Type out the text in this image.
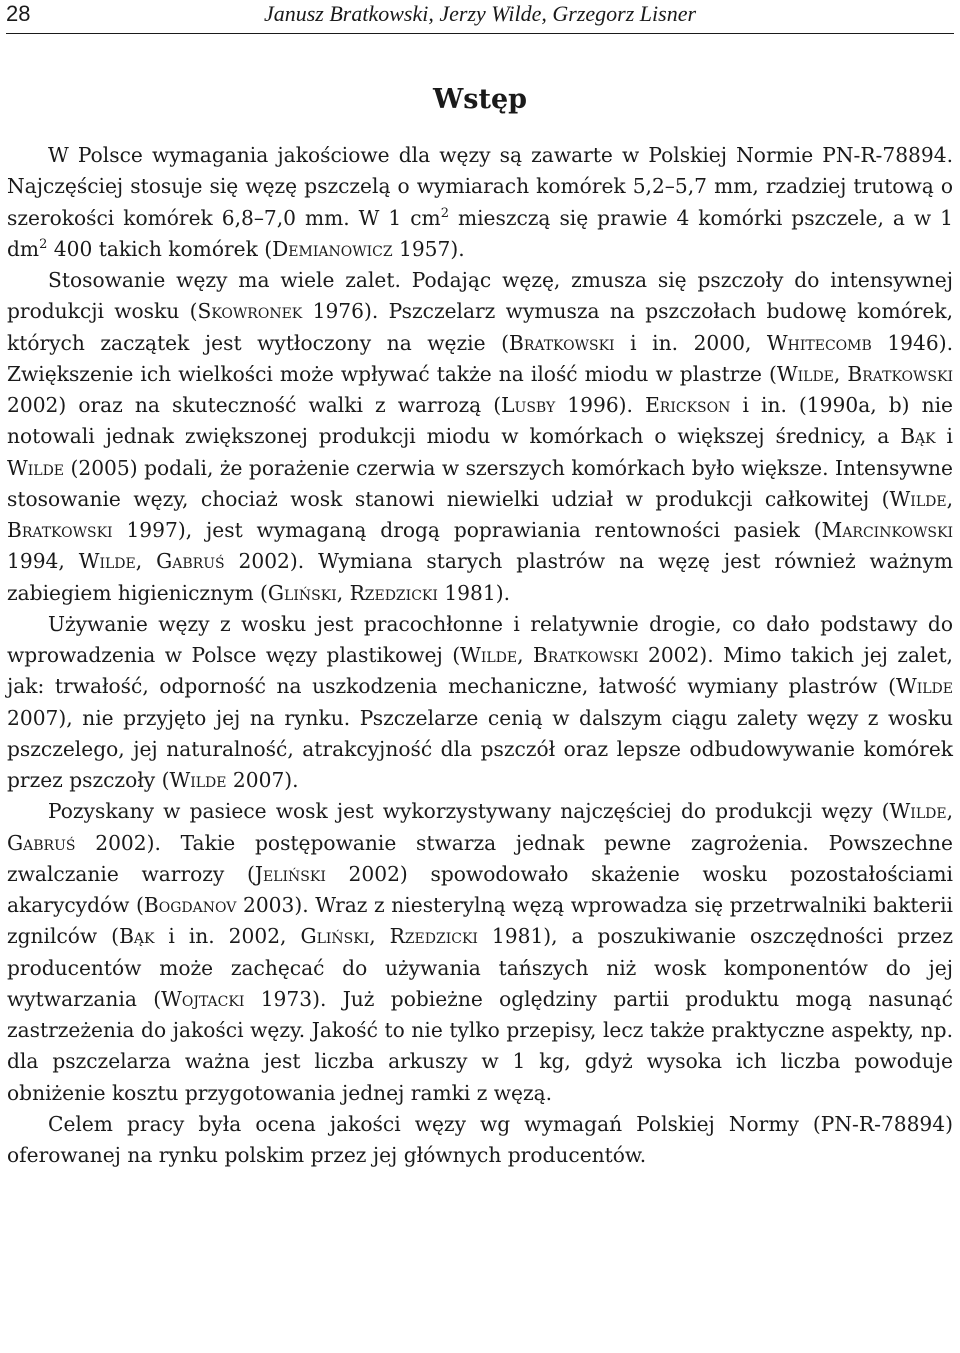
28	Janusz Bratkowski, Jerzy Wilde, Grzegorz Lisner
Wstęp

W Polsce wymagania jakościowe dla węzy są zawarte w Polskiej Normie PN-R-78894. Najczęściej stosuje się węzę pszczelą o wymiarach komórek 5,2–5,7 mm, rzadziej trutową o szerokości komórek 6,8–7,0 mm. W 1 $cm^2$ mieszczą się prawie 4 komórki pszczele, a w 1 $dm^2$ 400 takich komórek (Demianowicz 1957).

Stosowanie węzy ma wiele zalet. Podając węzę, zmusza się pszczoły do intensywnej produkcji wosku (Skowronek 1976). Pszczelarz wymusza na pszczołach budowę komórek, których zaczątek jest wytłoczony na węzie (Bratkowski i in. 2000, Whitecomb 1946). Zwiększenie ich wielkości może wpływać także na ilość miodu w plastrze (Wilde, Bratkowski 2002) oraz na skuteczność walki z warrozą (Lusby 1996). Erickson i in. (1990a, b) nie notowali jednak zwiększonej produkcji miodu w komórkach o większej średnicy, a Bąk i Wilde (2005) podali, że porażenie czerwia w szerszych komórkach było większe. Intensywne stosowanie węzy, chociaż wosk stanowi niewielki udział w produkcji całkowitej (Wilde, Bratkowski 1997), jest wymaganą drogą poprawiania rentowności pasiek (Marcinkowski 1994, Wilde, Gabruś 2002). Wymiana starych plastrów na węzę jest również ważnym zabiegiem higienicznym (Gliński, Rzedzicki 1981).

Używanie węzy z wosku jest pracochłonne i relatywnie drogie, co dało podstawy do wprowadzenia w Polsce węzy plastikowej (Wilde, Bratkowski 2002). Mimo takich jej zalet, jak: trwałość, odporność na uszkodzenia mechaniczne, łatwość wymiany plastrów (Wilde 2007), nie przyjęto jej na rynku. Pszczelarze cenią w dalszym ciągu zalety węzy z wosku pszczelego, jej naturalność, atrakcyjność dla pszczół oraz lepsze odbudowywanie komórek przez pszczoły (Wilde 2007).

Pozyskany w pasiece wosk jest wykorzystywany najczęściej do produkcji węzy (Wilde, Gabruś 2002). Takie postępowanie stwarza jednak pewne zagrożenia. Powszechne zwalczanie warrozy (Jeliński 2002) spowodowało skażenie wosku pozostałościami akarycydów (Bogdanov 2003). Wraz z niesterylną węzą wprowadza się przetrwalniki bakterii zgnilców (Bąk i in. 2002, Gliński, Rzedzicki 1981), a poszukiwanie oszczędności przez producentów może zachęcać do używania tańszych niż wosk komponentów do jej wytwarzania (Wojtacki 1973). Już pobieżne oględziny partii produktu mogą nasunąć zastrzeżenia do jakości węzy. Jakość to nie tylko przepisy, lecz także praktyczne aspekty, np. dla pszczelarza ważna jest liczba arkuszy w 1 kg, gdyż wysoka ich liczba powoduje obniżenie kosztu przygotowania jednej ramki z węzą.

Celem pracy była ocena jakości węzy wg wymagań Polskiej Normy (PN-R-78894) oferowanej na rynku polskim przez jej głównych producentów.
